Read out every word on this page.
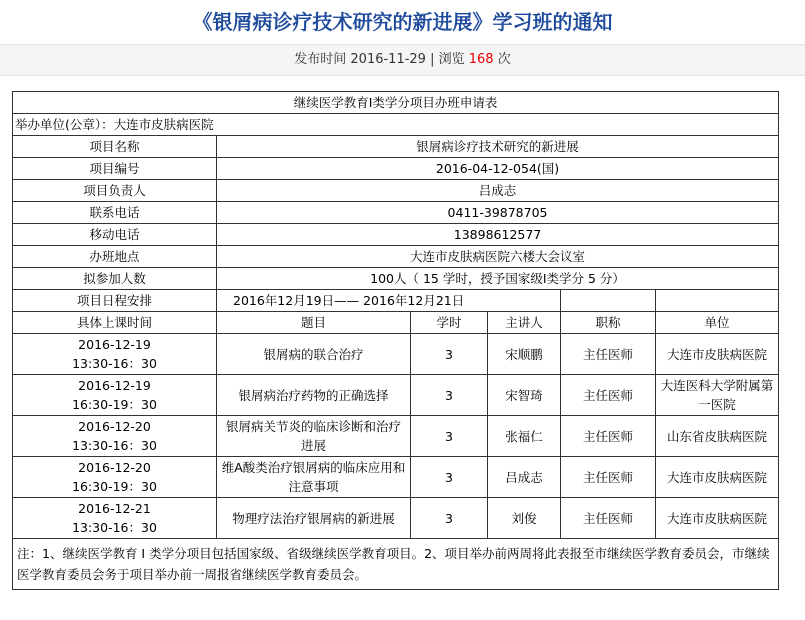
《银屑病诊疗技术研究的新进展》学习班的通知
发布时间 2016-11-29 | 浏览 168 次
继续医学教育I类学分项目办班申请表					
举办单位(公章）：大连市皮肤病医院					
项目名称	银屑病诊疗技术研究的新进展				
项目编号	2016-04-12-054(国)				
项目负责人	吕成志				
联系电话	0411-39878705				
移动电话	13898612577				
办班地点	大连市皮肤病医院六楼大会议室				
拟参加人数	100人（ 15 学时，授予国家级I类学分 5 分）				
项目日程安排	2016年12月19日—— 2016年12月21日				
具体上课时间	题目	学时	主讲人	职称	单位

2016-12-19
13:30-16：30	银屑病的联合治疗	3	宋顺鹏	主任医师	大连市皮肤病医院

2016-12-19
16:30-19：30	银屑病治疗药物的正确选择	3	宋智琦	主任医师	大连医科大学附属第一医院

2016-12-20
13:30-16：30	银屑病关节炎的临床诊断和治疗进展	3	张福仁	主任医师	山东省皮肤病医院

2016-12-20
16:30-19：30	维A酸类治疗银屑病的临床应用和注意事项	3	吕成志	主任医师	大连市皮肤病医院

2016-12-21
13:30-16：30	物理疗法治疗银屑病的新进展	3	刘俊	主任医师	大连市皮肤病医院
注：1、继续医学教育 I 类学分项目包括国家级、省级继续医学教育项目。2、项目举办前两周将此表报至市继续医学教育委员会，市继续医学教育委员会务于项目举办前一周报省继续医学教育委员会。					
